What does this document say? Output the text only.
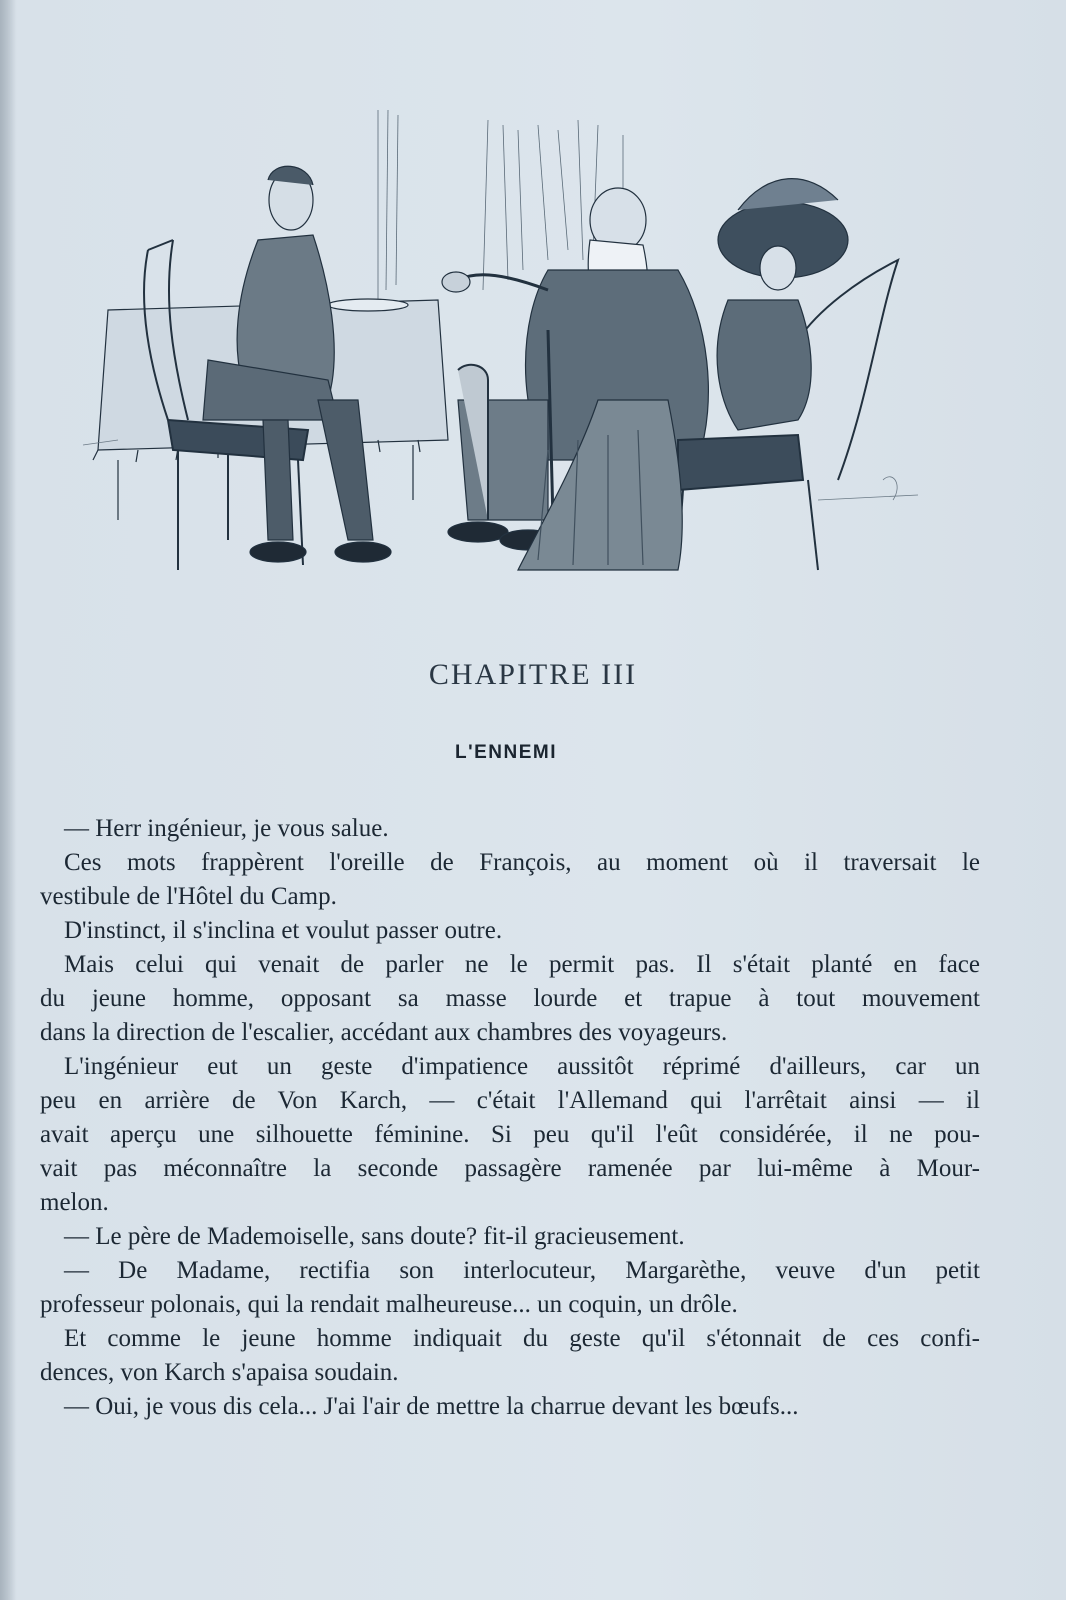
CHAPITRE III
L'ENNEMI

— Herr ingénieur, je vous salue.

Ces mots frappèrent l'oreille de François, au moment où il traversait le
vestibule de l'Hôtel du Camp.

D'instinct, il s'inclina et voulut passer outre.

Mais celui qui venait de parler ne le permit pas. Il s'était planté en face
du jeune homme, opposant sa masse lourde et trapue à tout mouvement
dans la direction de l'escalier, accédant aux chambres des voyageurs.

L'ingénieur eut un geste d'impatience aussitôt réprimé d'ailleurs, car un
peu en arrière de Von Karch, — c'était l'Allemand qui l'arrêtait ainsi — il
avait aperçu une silhouette féminine. Si peu qu'il l'eût considérée, il ne pou-
vait pas méconnaître la seconde passagère ramenée par lui-même à Mour-
melon.

— Le père de Mademoiselle, sans doute? fit-il gracieusement.

— De Madame, rectifia son interlocuteur, Margarèthe, veuve d'un petit
professeur polonais, qui la rendait malheureuse... un coquin, un drôle.

Et comme le jeune homme indiquait du geste qu'il s'étonnait de ces confi-
dences, von Karch s'apaisa soudain.

— Oui, je vous dis cela... J'ai l'air de mettre la charrue devant les bœufs...
